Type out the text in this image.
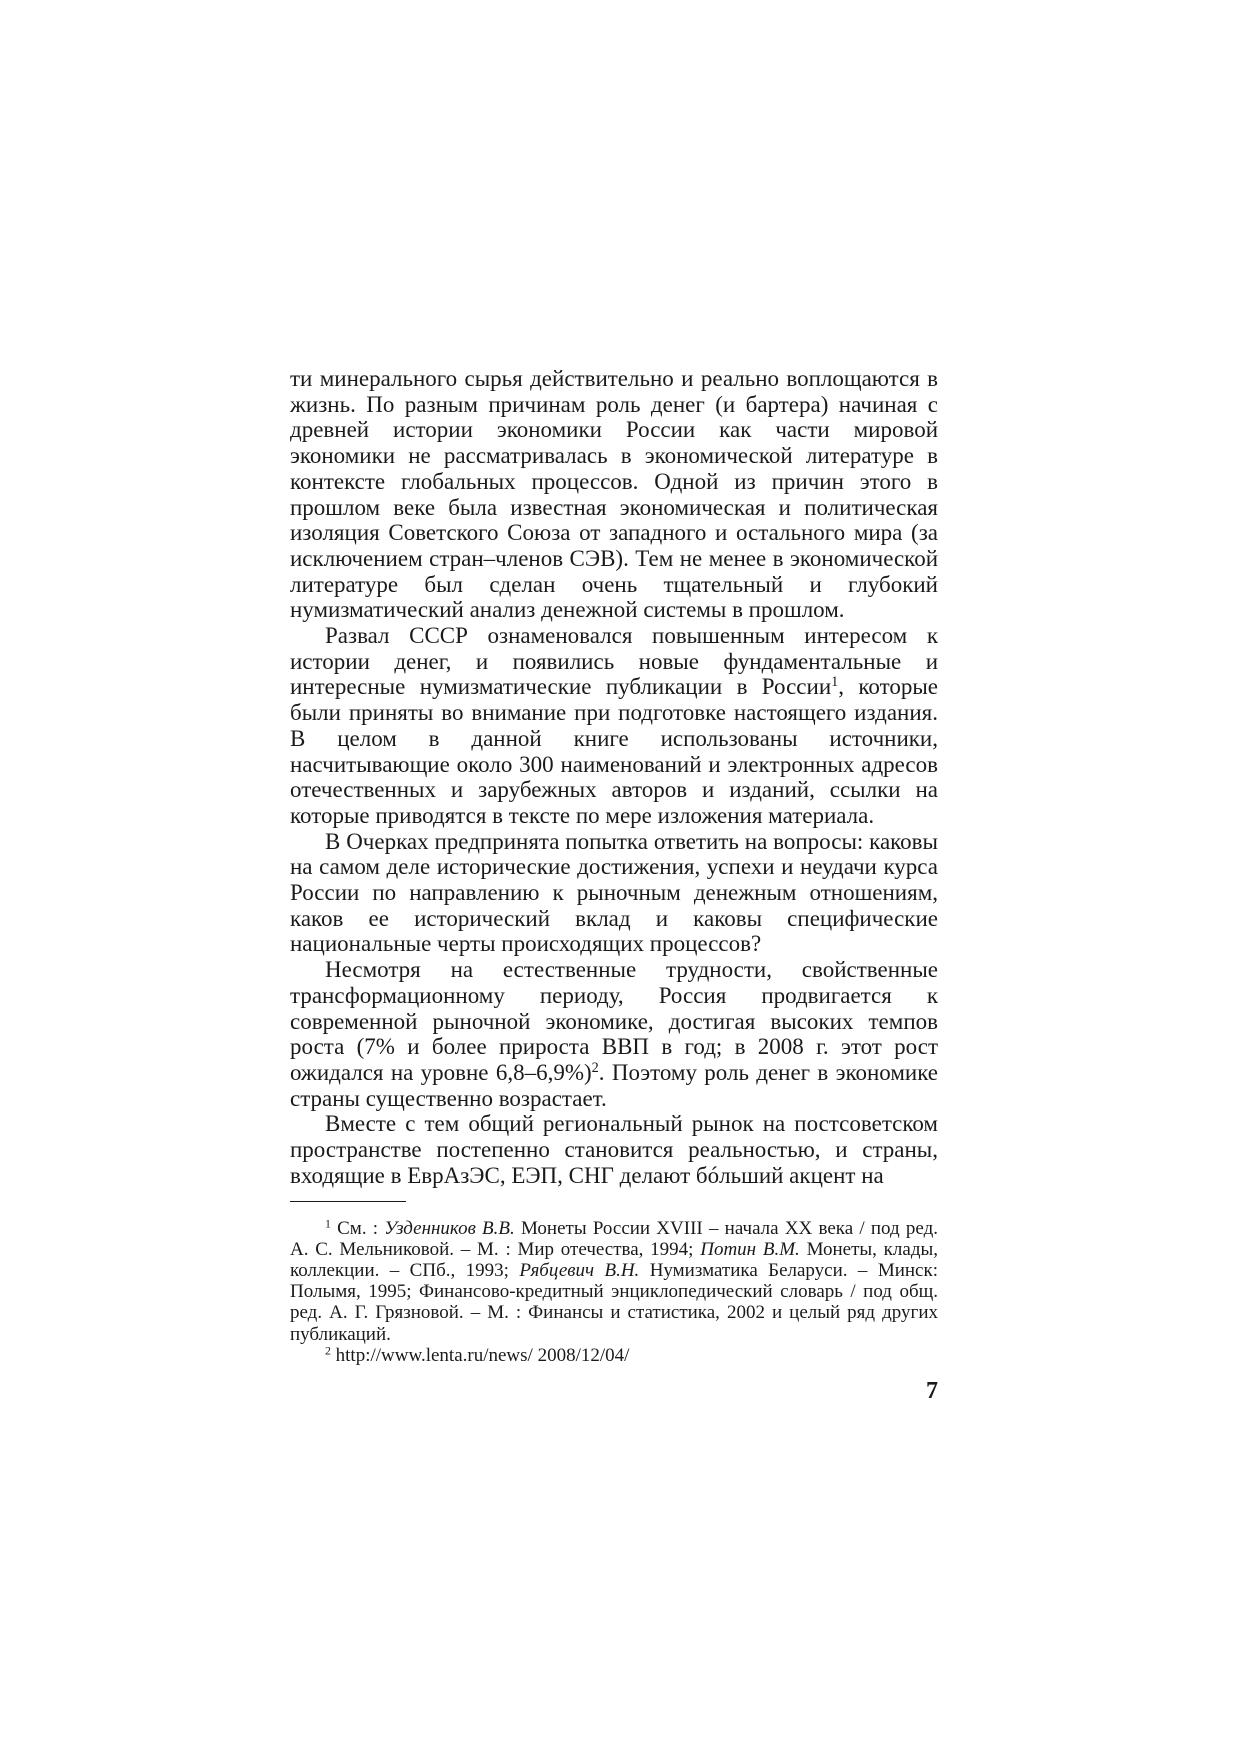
ти минерального сырья действительно и реально воплощаются в жизнь. По разным причинам роль денег (и бартера) начиная с древней истории экономики России как части мировой экономики не рассматривалась в экономической литературе в контексте глобальных процессов. Одной из причин этого в прошлом веке была известная экономическая и политическая изоляция Советского Союза от западного и остального мира (за исключением стран–членов СЭВ). Тем не менее в экономической литературе был сделан очень тщательный и глубокий нумизматический анализ денежной системы в прошлом.

Развал СССР ознаменовался повышенным интересом к истории денег, и появились новые фундаментальные и интересные нумизматические публикации в России$^1$, которые были приняты во внимание при подготовке настоящего издания. В целом в данной книге использованы источники, насчитывающие около 300 наименований и электронных адресов отечественных и зарубежных авторов и изданий, ссылки на которые приводятся в тексте по мере изложения материала.

В Очерках предпринята попытка ответить на вопросы: каковы на самом деле исторические достижения, успехи и неудачи курса России по направлению к рыночным денежным отношениям, каков ее исторический вклад и каковы специфические национальные черты происходящих процессов?

Несмотря на естественные трудности, свойственные трансформационному периоду, Россия продвигается к современной рыночной экономике, достигая высоких темпов роста (7% и более прироста ВВП в год; в 2008 г. этот рост ожидался на уровне 6,8–6,9%)$^2$. Поэтому роль денег в экономике страны существенно возрастает.

Вместе с тем общий региональный рынок на постсоветском пространстве постепенно становится реальностью, и страны, входящие в ЕврАзЭС, ЕЭП, СНГ делают бóльший акцент на

$^1$ См. : Узденников В.В. Монеты России XVIII – начала XX века / под ред. А. С. Мельниковой. – М. : Мир отечества, 1994; Потин В.М. Монеты, клады, коллекции. – СПб., 1993; Рябцевич В.Н. Нумизматика Беларуси. – Минск: Полымя, 1995; Финансово-кредитный энциклопедический словарь / под общ. ред. А. Г. Грязновой. – М. : Финансы и статистика, 2002 и целый ряд других публикаций.

$^2$ http://www.lenta.ru/news/ 2008/12/04/

7
